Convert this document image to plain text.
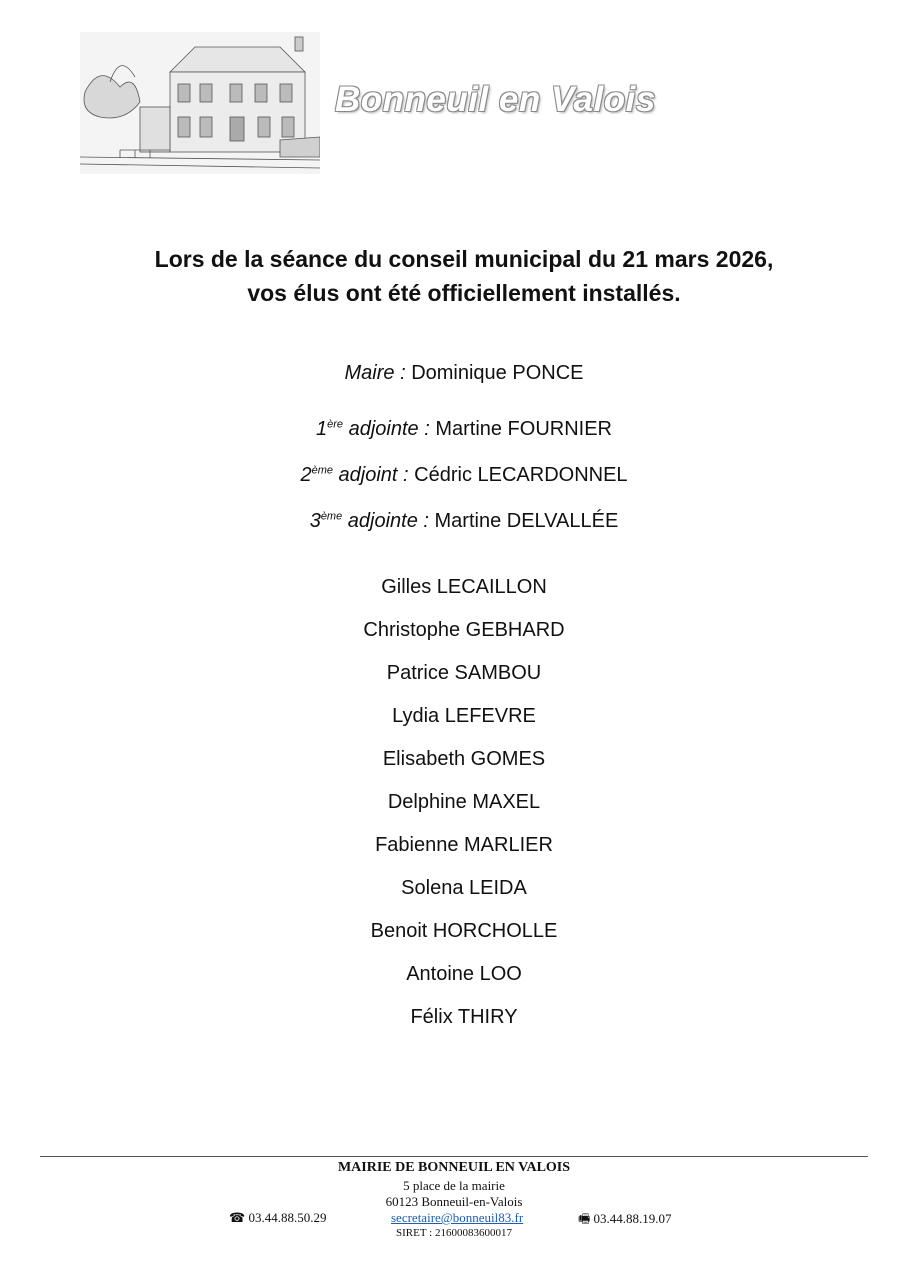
Bonneuil en Valois
Lors de la séance du conseil municipal du 21 mars 2026,
vos élus ont été officiellement installés.
Maire : Dominique PONCE
1ère adjointe : Martine FOURNIER
2ème adjoint : Cédric LECARDONNEL
3ème adjointe : Martine DELVALLÉE
Gilles LECAILLON
Christophe GEBHARD
Patrice SAMBOU
Lydia LEFEVRE
Elisabeth GOMES
Delphine MAXEL
Fabienne MARLIER
Solena LEIDA
Benoit HORCHOLLE
Antoine LOO
Félix THIRY
MAIRIE DE BONNEUIL EN VALOIS
5 place de la mairie
60123 Bonneuil-en-Valois
☎ 03.44.88.50.29	secretaire@bonneuil83.fr	🖷 03.44.88.19.07
SIRET : 21600083600017
